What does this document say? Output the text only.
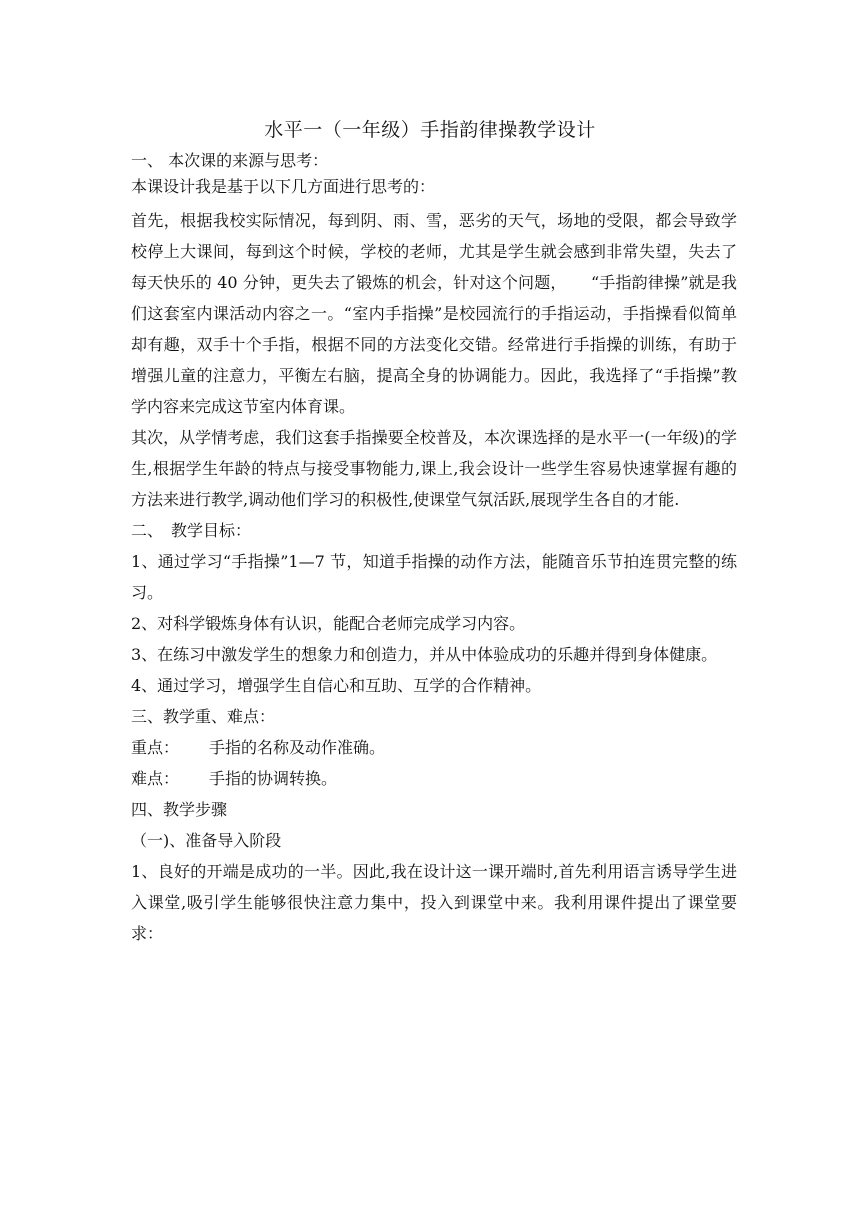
水平一（一年级）手指韵律操教学设计

一、 本次课的来源与思考：

本课设计我是基于以下几方面进行思考的：

首先，根据我校实际情况，每到阴、雨、雪，恶劣的天气，场地的受限，都会导致学校停上大课间，每到这个时候，学校的老师，尤其是学生就会感到非常失望，失去了每天快乐的 40 分钟，更失去了锻炼的机会，针对这个问题，　　“手指韵律操”就是我们这套室内课活动内容之一。“室内手指操”是校园流行的手指运动，手指操看似简单却有趣，双手十个手指，根据不同的方法变化交错。经常进行手指操的训练，有助于增强儿童的注意力，平衡左右脑，提高全身的协调能力。因此，我选择了“手指操”教学内容来完成这节室内体育课。

其次，从学情考虑，我们这套手指操要全校普及，本次课选择的是水平一(一年级)的学生,根据学生年龄的特点与接受事物能力,课上,我会设计一些学生容易快速掌握有趣的方法来进行教学,调动他们学习的积极性,使课堂气氛活跃,展现学生各自的才能.

二、　教学目标：

1、通过学习“手指操”1—7 节，知道手指操的动作方法，能随音乐节拍连贯完整的练习。

2、对科学锻炼身体有认识，能配合老师完成学习内容。

3、在练习中激发学生的想象力和创造力，并从中体验成功的乐趣并得到身体健康。

4、通过学习，增强学生自信心和互助、互学的合作精神。

三、教学重、难点：

重点： 手指的名称及动作准确。

难点： 手指的协调转换。

四、教学步骤

（一)、准备导入阶段

1、良好的开端是成功的一半。因此,我在设计这一课开端时,首先利用语言诱导学生进入课堂,吸引学生能够很快注意力集中，投入到课堂中来。我利用课件提出了课堂要求：
